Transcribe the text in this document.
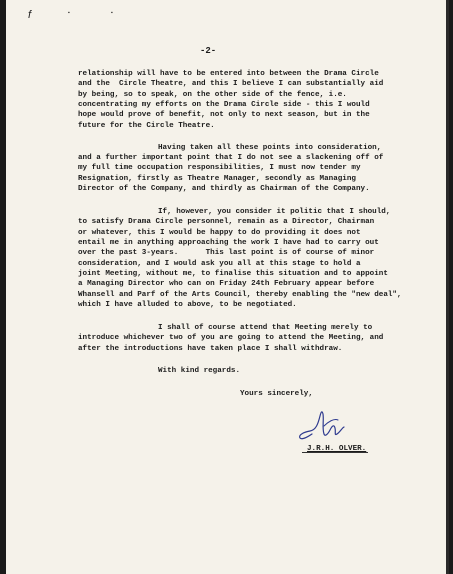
f	▪	▪
-2-
relationship will have to be entered into between the Drama Circle
and the  Circle Theatre, and this I believe I can substantially aid
by being, so to speak, on the other side of the fence, i.e.
concentrating my efforts on the Drama Circle side - this I would
hope would prove of benefit, not only to next season, but in the
future for the Circle Theatre.
Having taken all these points into consideration,
and a further important point that I do not see a slackening off of
my full time occupation responsibilities, I must now tender my
Resignation, firstly as Theatre Manager, secondly as Managing
Director of the Company, and thirdly as Chairman of the Company.
If, however, you consider it politic that I should,
to satisfy Drama Circle personnel, remain as a Director, Chairman
or whatever, this I would be happy to do providing it does not
entail me in anything approaching the work I have had to carry out
over the past 3-years.      This last point is of course of minor
consideration, and I would ask you all at this stage to hold a
joint Meeting, without me, to finalise this situation and to appoint
a Managing Director who can on Friday 24th February appear before
Whansell and Parf of the Arts Council, thereby enabling the "new deal",
which I have alluded to above, to be negotiated.
I shall of course attend that Meeting merely to
introduce whichever two of you are going to attend the Meeting, and
after the introductions have taken place I shall withdraw.
With kind regards.
Yours sincerely,
J.R.H. OLVER.
